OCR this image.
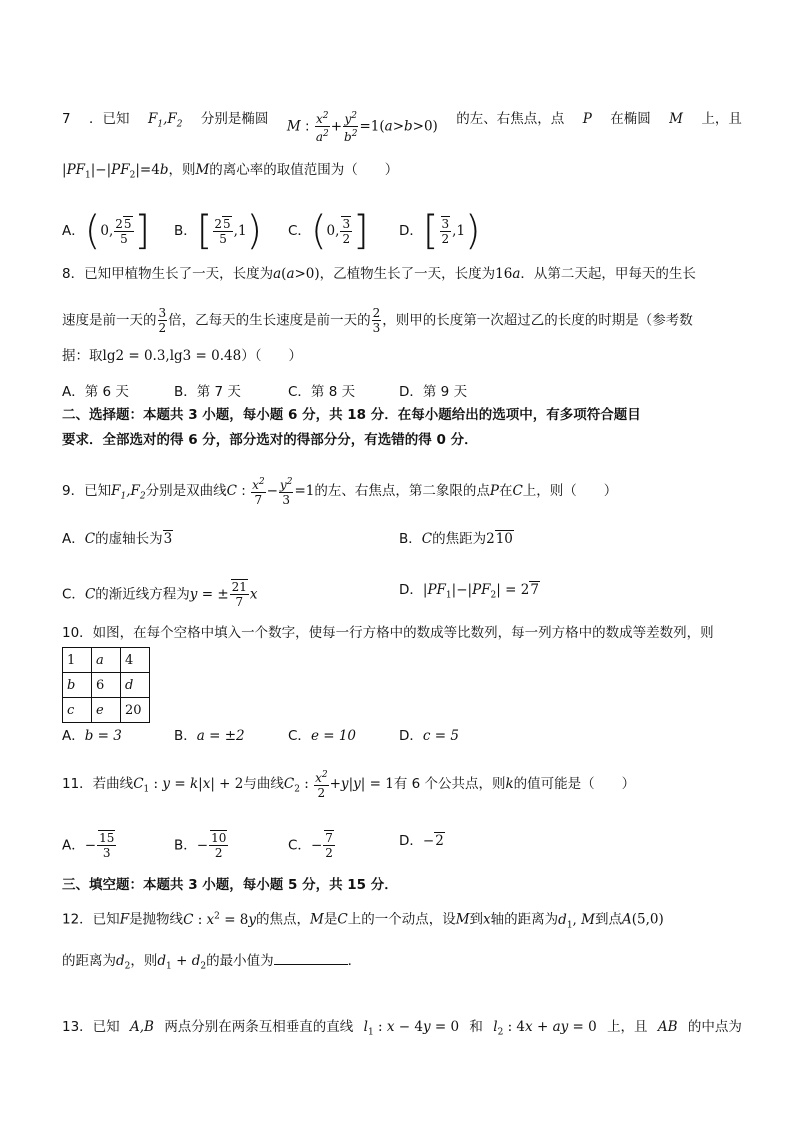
7 ．已知 $F_1,F_2$ 分别是椭圆 M : $\frac{x^2}{a^2} + \frac{y^2}{b^2} =1(a>b>0)$ 的左、右焦点，点 P 在椭圆 M 上，且
$|PF_1|-|PF_2|=4b$，则M的离心率的取值范围为（　　）
A．(0, $\frac{25}{5}$ ] B．[ $\frac{25}{5} ,1$) C．(0, $\frac{3}{2}$ ] D．[ $\frac{3}{2} ,1$)
8．已知甲植物生长了一天，长度为a(a>0)，乙植物生长了一天，长度为16a．从第二天起，甲每天的生长
速度是前一天的 $\frac{3}{2}$ 倍，乙每天的生长速度是前一天的 $\frac{2}{3}$ ，则甲的长度第一次超过乙的长度的时期是（参考数
据：取lg2 = 0.3,lg3 = 0.48）（　　）
A．第 6 天	B．第 7 天	C．第 8 天	D．第 9 天
二、选择题：本题共 3 小题，每小题 6 分，共 18 分．在每小题给出的选项中，有多项符合题目
要求．全部选对的得 6 分，部分选对的得部分分，有选错的得 0 分．
9．已知$F_1,F_2$分别是双曲线C : $\frac{x^2}{7} - \frac{y^2}{3} =1$的左、右焦点，第二象限的点P在C上，则（　　）
A．C的虚轴长为3	B．C的焦距为210
C．C的渐近线方程为y = ± $\frac{21}{7}$ x	D．$|PF_1|-|PF_2| = 27$
10．如图，在每个空格中填入一个数字，使每一行方格中的数成等比数列，每一列方格中的数成等差数列，则
1	a	4
b	6	d
c	e	20
A．b = 3	B．a = ±2	C．e = 10	D．c = 5
11．若曲线$C_1$ : y = k|x| + 2与曲线$C_2$ : $\frac{x^2}{2} +y|y| = 1$有 6 个公共点，则k的值可能是（　　）
A．− $\frac{15}{3}$	B．− $\frac{10}{2}$	C．− $\frac{7}{2}$	D．−2
三、填空题：本题共 3 小题，每小题 5 分，共 15 分．
12．已知F是抛物线C : $x^2 = 8y$的焦点，M是C上的一个动点，设M到x轴的距离为$d_1$, M到点A(5,0)
的距离为$d_2$，则$d_1 + d_2$的最小值为	．
13．已知 A,B 两点分别在两条互相垂直的直线 $l_1$ : x − 4y = 0 和 $l_2$ : 4x + ay = 0 上，且 AB 的中点为
